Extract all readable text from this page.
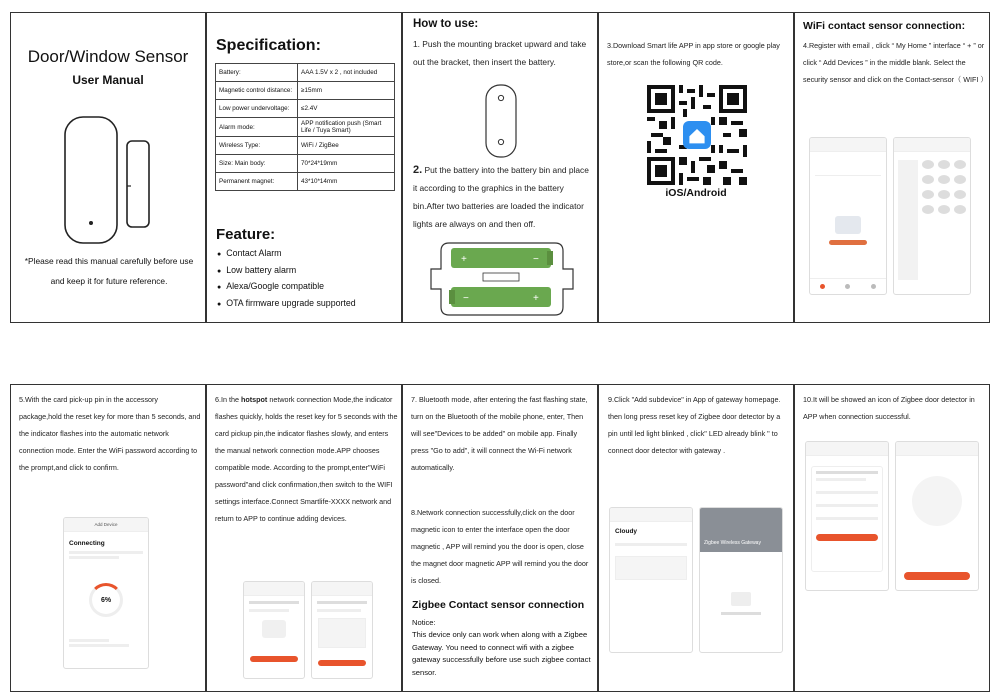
Door/Window Sensor
User Manual
*Please read this manual carefully before use and keep it for future reference.
Specification:
Battery:	AAA 1.5V x 2 , not included
Magnetic control distance:	≥15mm
Low power undervoltage:	≤2.4V
Alarm mode:	APP notification push (Smart Life / Tuya Smart)
Wireless Type:	WiFi / ZigBee
Size: Main body:	70*24*19mm
Permanent magnet:	43*10*14mm
Feature:
● Contact Alarm
● Low battery alarm
● Alexa/Google compatible
● OTA firmware upgrade supported
How to use:
1. Push the mounting bracket upward and take out the bracket, then insert the battery.
2. Put the battery into the battery bin and place it according to the graphics in the battery bin.After two batteries are loaded the indicator lights are always on and then off.
+	−
−	+
3.Download Smart life APP in app store or google play store,or scan the following QR code.
iOS/Android
WiFi contact sensor connection:
4.Register with email , click “ My Home ” interface “ + ” or click “ Add Devices ” in the middle blank. Select the security sensor and click on the Contact-sensor（ WIFI ）
5.With the card pick-up pin in the accessory package,hold the reset key for more than 5 seconds, and the indicator flashes into the automatic network connection mode. Enter the WiFi password according to the prompt,and click to confirm.
Add Device
Connecting
6%
6.In the hotspot network connection Mode,the indicator flashes quickly, holds the reset key for 5 seconds with the card pickup pin,the indicator flashes slowly, and enters the manual network connection mode.APP chooses compatible mode. According to the prompt,enter"WiFi password"and click confirmation,then switch to the WIFI settings interface.Connect Smartlife-XXXX network and return to APP to continue adding devices.
7. Bluetooth mode, after entering the fast flashing state, turn on the Bluetooth of the mobile phone, enter, Then will see"Devices to be added" on mobile app. Finally press "Go to add", it will connect the Wi-Fi network automatically.
8.Network connection successfully,click on the door magnetic icon to enter the interface open the door magnetic , APP will remind you the door is open, close the magnet door magnetic APP will remind you the door is closed.
Zigbee Contact sensor connection
Notice:
This device only can work when along with a Zigbee Gateway. You need to connect wifi with a zigbee gateway successfully before use such zigbee contact sensor.
9.Click "Add subdevice" in App of gateway homepage. then long press reset key of Zigbee door detector by a pin until led light blinked , click" LED already blink " to connect door detector with gateway .
Cloudy
Zigbee Wireless Gateway
10.It will be showed an icon of Zigbee door detector in APP when connection successful.
